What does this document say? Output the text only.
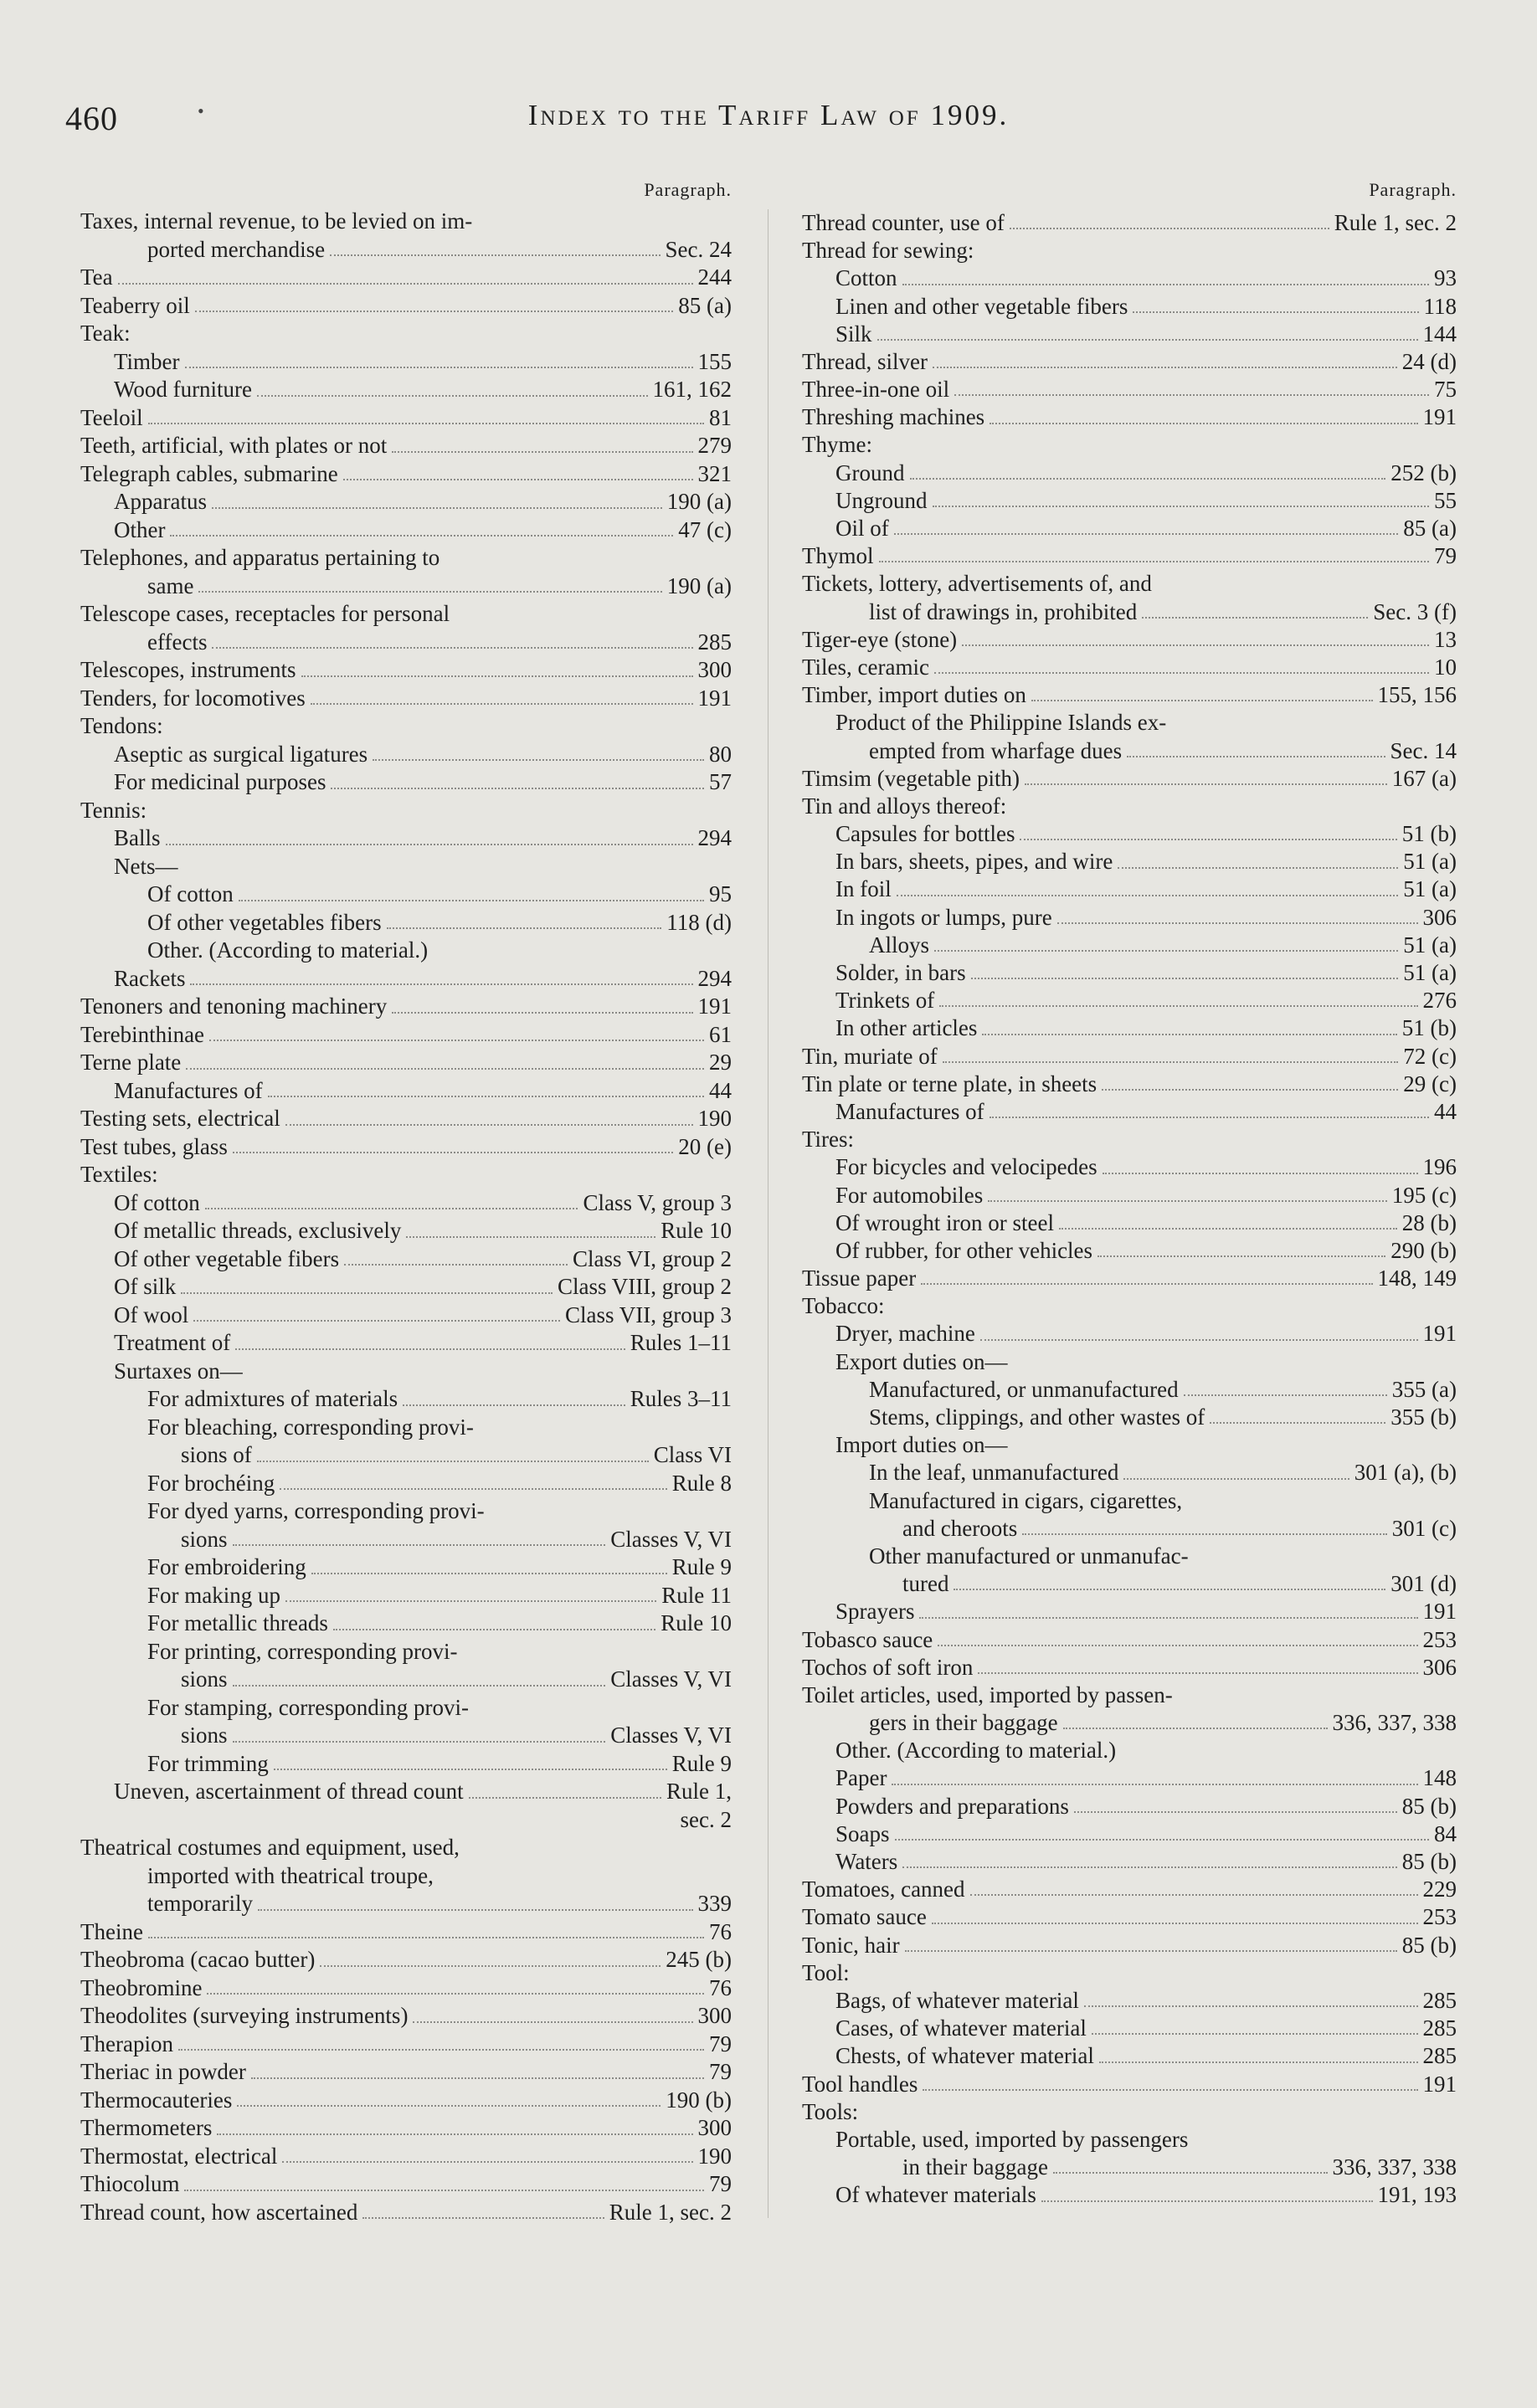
460	•	Index to the Tariff Law of 1909.
Paragraph.
Taxes, internal revenue, to be levied on im-
ported merchandise	Sec. 24
Tea	244
Teaberry oil	85 (a)
Teak:
Timber	155
Wood furniture	161, 162
Teeloil	81
Teeth, artificial, with plates or not	279
Telegraph cables, submarine	321
Apparatus	190 (a)
Other	47 (c)
Telephones, and apparatus pertaining to
same	190 (a)
Telescope cases, receptacles for personal
effects	285
Telescopes, instruments	300
Tenders, for locomotives	191
Tendons:
Aseptic as surgical ligatures	80
For medicinal purposes	57
Tennis:
Balls	294
Nets—
Of cotton	95
Of other vegetables fibers	118 (d)
Other. (According to material.)
Rackets	294
Tenoners and tenoning machinery	191
Terebinthinae	61
Terne plate	29
Manufactures of	44
Testing sets, electrical	190
Test tubes, glass	20 (e)
Textiles:
Of cotton	Class V, group 3
Of metallic threads, exclusively	Rule 10
Of other vegetable fibers	Class VI, group 2
Of silk	Class VIII, group 2
Of wool	Class VII, group 3
Treatment of	Rules 1–11
Surtaxes on—
For admixtures of materials	Rules 3–11
For bleaching, corresponding provi-
sions of	Class VI
For brochéing	Rule 8
For dyed yarns, corresponding provi-
sions	Classes V, VI
For embroidering	Rule 9
For making up	Rule 11
For metallic threads	Rule 10
For printing, corresponding provi-
sions	Classes V, VI
For stamping, corresponding provi-
sions	Classes V, VI
For trimming	Rule 9
Uneven, ascertainment of thread count	Rule 1,
sec. 2
Theatrical costumes and equipment, used,
imported with theatrical troupe,
temporarily	339
Theine	76
Theobroma (cacao butter)	245 (b)
Theobromine	76
Theodolites (surveying instruments)	300
Therapion	79
Theriac in powder	79
Thermocauteries	190 (b)
Thermometers	300
Thermostat, electrical	190
Thiocolum	79
Thread count, how ascertained	Rule 1, sec. 2
Paragraph.
Thread counter, use of	Rule 1, sec. 2
Thread for sewing:
Cotton	93
Linen and other vegetable fibers	118
Silk	144
Thread, silver	24 (d)
Three-in-one oil	75
Threshing machines	191
Thyme:
Ground	252 (b)
Unground	55
Oil of	85 (a)
Thymol	79
Tickets, lottery, advertisements of, and
list of drawings in, prohibited	Sec. 3 (f)
Tiger-eye (stone)	13
Tiles, ceramic	10
Timber, import duties on	155, 156
Product of the Philippine Islands ex-
empted from wharfage dues	Sec. 14
Timsim (vegetable pith)	167 (a)
Tin and alloys thereof:
Capsules for bottles	51 (b)
In bars, sheets, pipes, and wire	51 (a)
In foil	51 (a)
In ingots or lumps, pure	306
Alloys	51 (a)
Solder, in bars	51 (a)
Trinkets of	276
In other articles	51 (b)
Tin, muriate of	72 (c)
Tin plate or terne plate, in sheets	29 (c)
Manufactures of	44
Tires:
For bicycles and velocipedes	196
For automobiles	195 (c)
Of wrought iron or steel	28 (b)
Of rubber, for other vehicles	290 (b)
Tissue paper	148, 149
Tobacco:
Dryer, machine	191
Export duties on—
Manufactured, or unmanufactured	355 (a)
Stems, clippings, and other wastes of	355 (b)
Import duties on—
In the leaf, unmanufactured	301 (a), (b)
Manufactured in cigars, cigarettes,
and cheroots	301 (c)
Other manufactured or unmanufac-
tured	301 (d)
Sprayers	191
Tobasco sauce	253
Tochos of soft iron	306
Toilet articles, used, imported by passen-
gers in their baggage	336, 337, 338
Other. (According to material.)
Paper	148
Powders and preparations	85 (b)
Soaps	84
Waters	85 (b)
Tomatoes, canned	229
Tomato sauce	253
Tonic, hair	85 (b)
Tool:
Bags, of whatever material	285
Cases, of whatever material	285
Chests, of whatever material	285
Tool handles	191
Tools:
Portable, used, imported by passengers
in their baggage	336, 337, 338
Of whatever materials	191, 193
